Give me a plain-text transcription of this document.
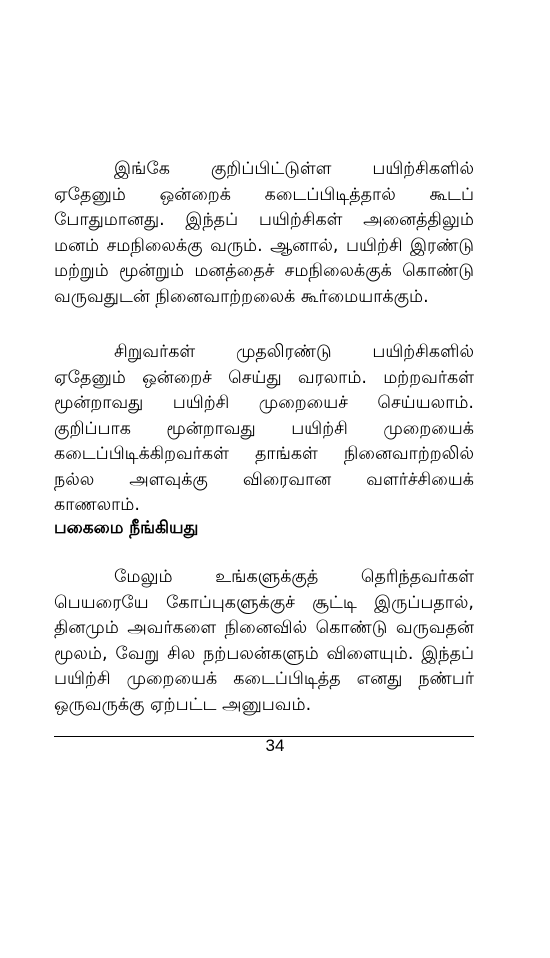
இங்கே குறிப்பிட்டுள்ள பயிற்சிகளில் ஏதேனும் ஒன்றைக் கடைப்பிடித்தால் கூடப் போதுமானது. இந்தப் பயிற்சிகள் அனைத்திலும் மனம் சமநிலைக்கு வரும். ஆனால், பயிற்சி இரண்டு மற்றும் மூன்றும் மனத்தைச் சமநிலைக்குக் கொண்டு வருவதுடன் நினைவாற்றலைக் கூர்மையாக்கும்.

சிறுவர்கள் முதலிரண்டு பயிற்சிகளில் ஏதேனும் ஒன்றைச் செய்து வரலாம். மற்றவர்கள் மூன்றாவது பயிற்சி முறையைச் செய்யலாம். குறிப்பாக மூன்றாவது பயிற்சி முறையைக் கடைப்பிடிக்கிறவர்கள் தாங்கள் நினைவாற்றலில் நல்ல அளவுக்கு விரைவான வளர்ச்சியைக் காணலாம்.

பகைமை நீங்கியது

மேலும் உங்களுக்குத் தெரிந்தவர்கள் பெயரையே கோப்புகளுக்குச் சூட்டி இருப்பதால், தினமும் அவர்களை நினைவில் கொண்டு வருவதன் மூலம், வேறு சில நற்பலன்களும் விளையும். இந்தப் பயிற்சி முறையைக் கடைப்பிடித்த எனது நண்பர் ஒருவருக்கு ஏற்பட்ட அனுபவம்.

34
